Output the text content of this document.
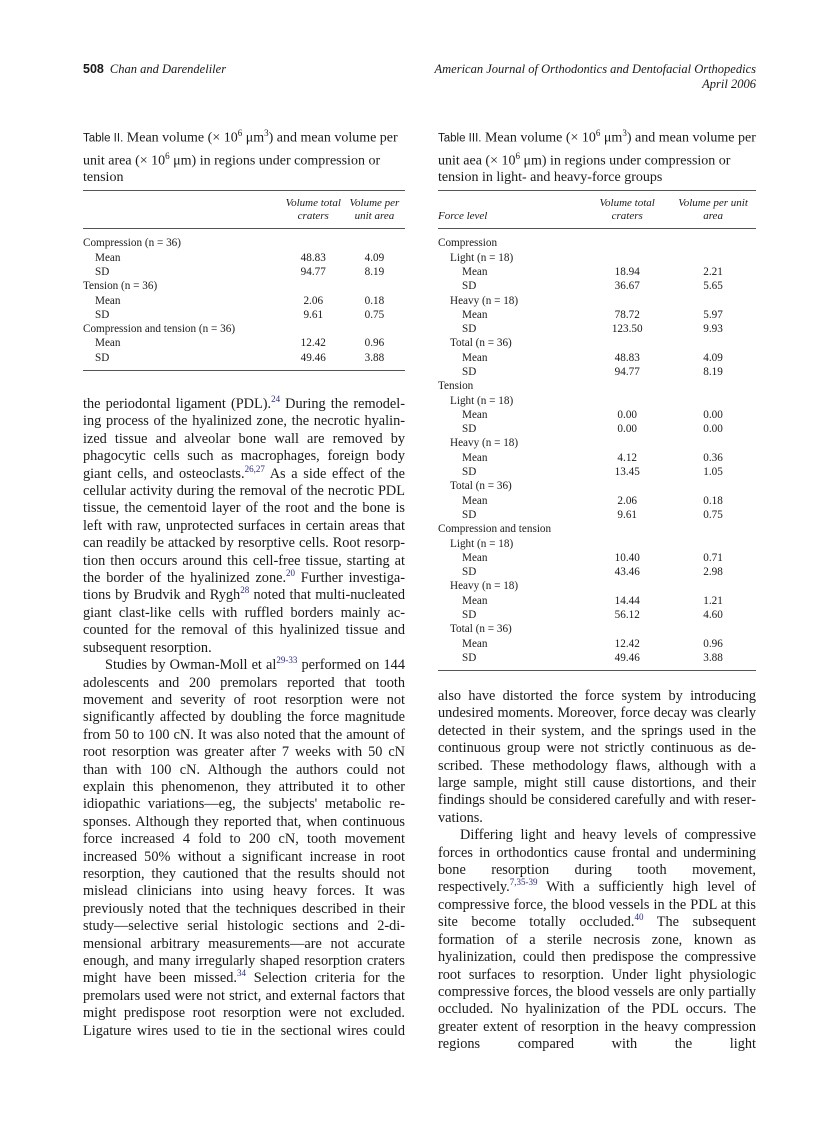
508 Chan and Darendeliler	American Journal of Orthodontics and Dentofacial Orthopedics
April 2006
Table II. Mean volume (× $10^6$ $\mu m^3$) and mean volume per unit area (× $10^6$ μm) in regions under compression or tension
	Volume total craters	Volume per unit area
Compression (n = 36)		
Mean	48.83	4.09
SD	94.77	8.19
Tension (n = 36)		
Mean	2.06	0.18
SD	9.61	0.75
Compression and tension (n = 36)		
Mean	12.42	0.96
SD	49.46	3.88
Table III. Mean volume (× $10^6$ $\mu m^3$) and mean volume per unit aea (× $10^6$ μm) in regions under compression or tension in light- and heavy-force groups
Force level	Volume total craters	Volume per unit area
Compression		
Light (n = 18)		
Mean	18.94	2.21
SD	36.67	5.65
Heavy (n = 18)		
Mean	78.72	5.97
SD	123.50	9.93
Total (n = 36)		
Mean	48.83	4.09
SD	94.77	8.19
Tension		
Light (n = 18)		
Mean	0.00	0.00
SD	0.00	0.00
Heavy (n = 18)		
Mean	4.12	0.36
SD	13.45	1.05
Total (n = 36)		
Mean	2.06	0.18
SD	9.61	0.75
Compression and tension		
Light (n = 18)		
Mean	10.40	0.71
SD	43.46	2.98
Heavy (n = 18)		
Mean	14.44	1.21
SD	56.12	4.60
Total (n = 36)		
Mean	12.42	0.96
SD	49.46	3.88

the periodontal ligament (PDL).$^{24}$ During the remodeling process of the hyalinized zone, the necrotic hyalinized tissue and alveolar bone wall are removed by phagocytic cells such as macrophages, foreign body giant cells, and osteoclasts.$^{26,27}$ As a side effect of the cellular activity during the removal of the necrotic PDL tissue, the cementoid layer of the root and the bone is left with raw, unprotected surfaces in certain areas that can readily be attacked by resorptive cells. Root resorption then occurs around this cell-free tissue, starting at the border of the hyalinized zone.$^{20}$ Further investigations by Brudvik and Rygh$^{28}$ noted that multi-nucleated giant clast-like cells with ruffled borders mainly accounted for the removal of this hyalinized tissue and subsequent resorption.

Studies by Owman-Moll et $al^{29-33}$ performed on 144 adolescents and 200 premolars reported that tooth movement and severity of root resorption were not significantly affected by doubling the force magnitude from 50 to 100 cN. It was also noted that the amount of root resorption was greater after 7 weeks with 50 cN than with 100 cN. Although the authors could not explain this phenomenon, they attributed it to other idiopathic variations—eg, the subjects' metabolic responses. Although they reported that, when continuous force increased 4 fold to 200 cN, tooth movement increased 50% without a significant increase in root resorption, they cautioned that the results should not mislead clinicians into using heavy forces. It was previously noted that the techniques described in their study—selective serial histologic sections and 2-dimensional arbitrary measurements—are not accurate enough, and many irregularly shaped resorption craters might have been missed.$^{34}$ Selection criteria for the premolars used were not strict, and external factors that might predispose root resorption were not excluded. Ligature wires used to tie in the sectional wires could

also have distorted the force system by introducing undesired moments. Moreover, force decay was clearly detected in their system, and the springs used in the continuous group were not strictly continuous as described. These methodology flaws, although with a large sample, might still cause distortions, and their findings should be considered carefully and with reservations.

Differing light and heavy levels of compressive forces in orthodontics cause frontal and undermining bone resorption during tooth movement, respectively.$^{7,35-39}$ With a sufficiently high level of compressive force, the blood vessels in the PDL at this site become totally occluded.$^{40}$ The subsequent formation of a sterile necrosis zone, known as hyalinization, could then predispose the compressive root surfaces to resorption. Under light physiologic compressive forces, the blood vessels are only partially occluded. No hyalinization of the PDL occurs. The greater extent of resorption in the heavy compression regions compared with the light
